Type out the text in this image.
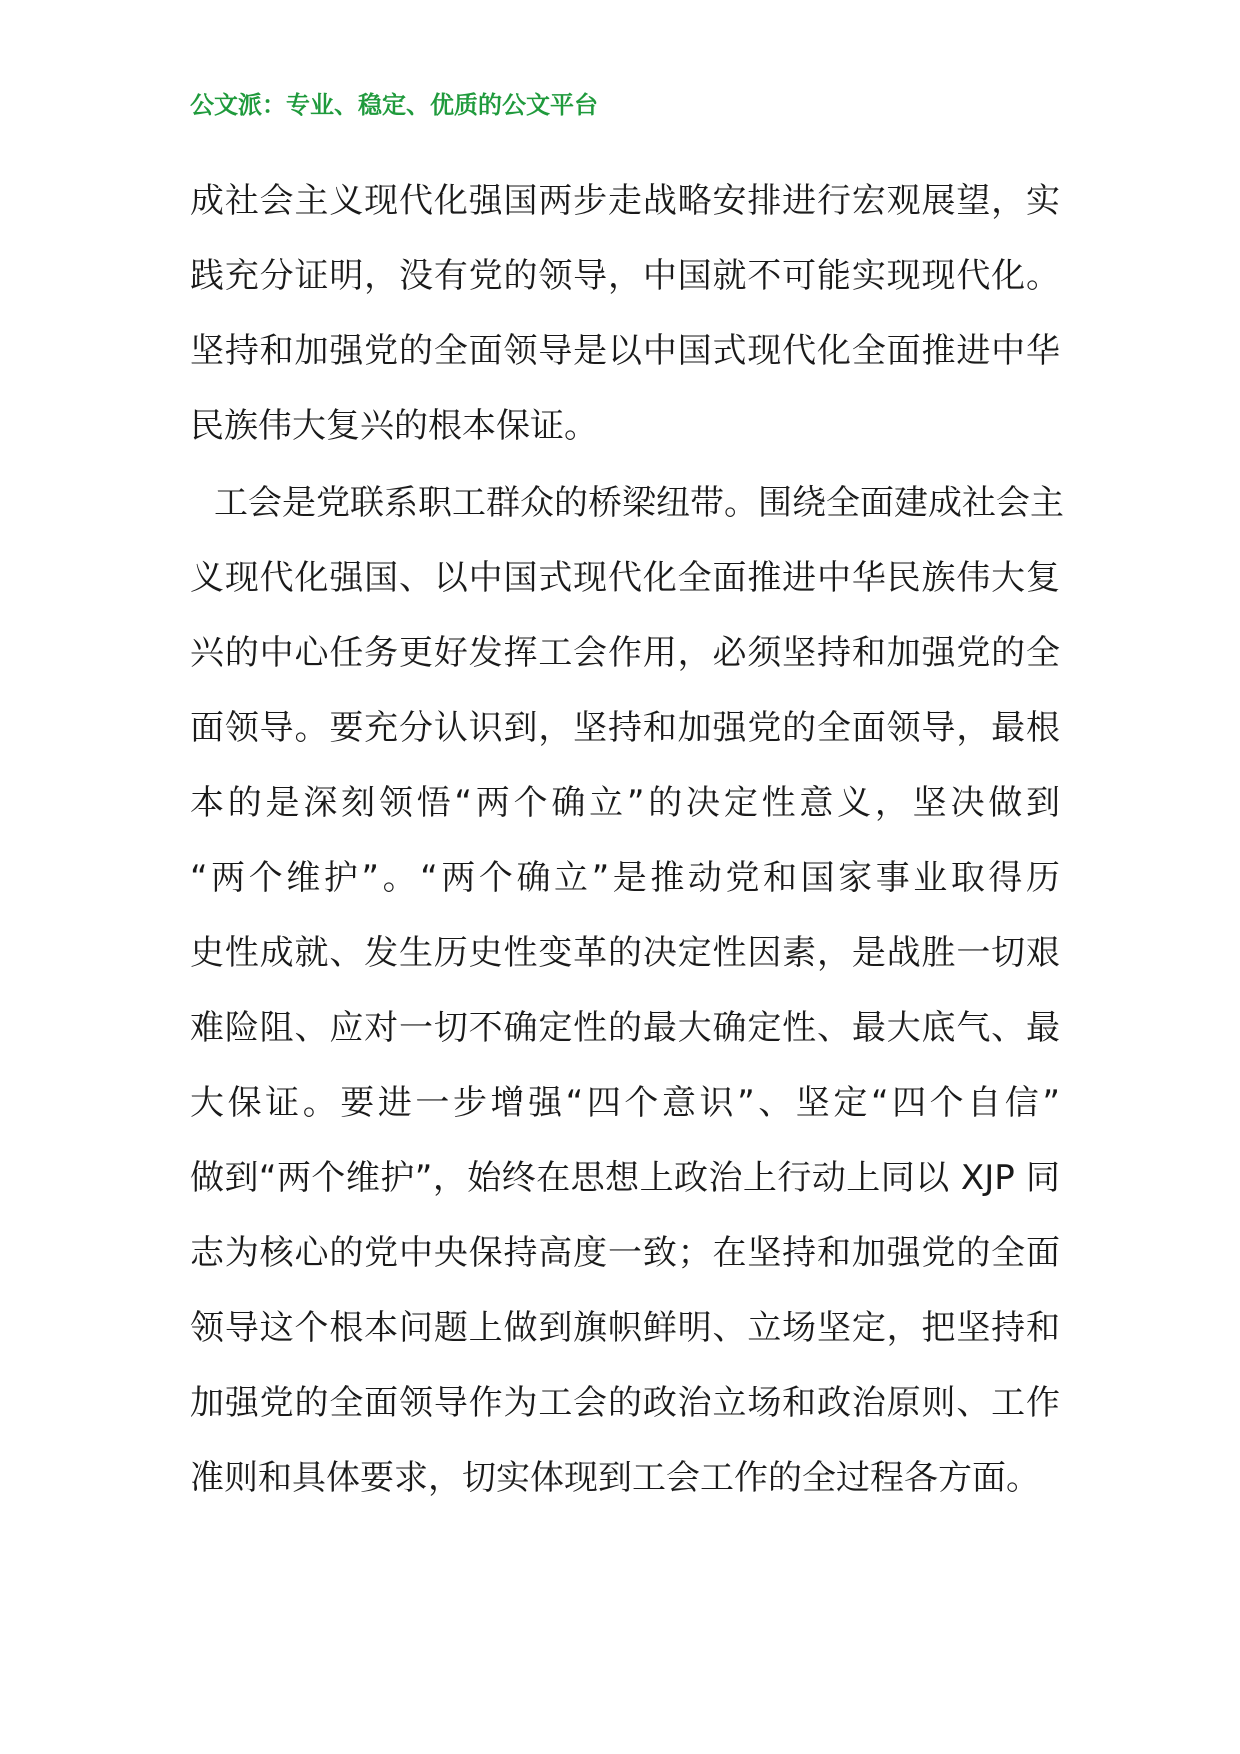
公文派：专业、稳定、优质的公文平台
成社会主义现代化强国两步走战略安排进行宏观展望，实
践充分证明，没有党的领导，中国就不可能实现现代化。
坚持和加强党的全面领导是以中国式现代化全面推进中华
民族伟大复兴的根本保证。
工会是党联系职工群众的桥梁纽带。围绕全面建成社会主
义现代化强国、以中国式现代化全面推进中华民族伟大复
兴的中心任务更好发挥工会作用，必须坚持和加强党的全
面领导。要充分认识到，坚持和加强党的全面领导，最根
本的是深刻领悟“两个确立”的决定性意义，坚决做到
“两个维护”。“两个确立”是推动党和国家事业取得历
史性成就、发生历史性变革的决定性因素，是战胜一切艰
难险阻、应对一切不确定性的最大确定性、最大底气、最
大保证。要进一步增强“四个意识”、坚定“四个自信”
做到“两个维护”，始终在思想上政治上行动上同以 XJP 同
志为核心的党中央保持高度一致；在坚持和加强党的全面
领导这个根本问题上做到旗帜鲜明、立场坚定，把坚持和
加强党的全面领导作为工会的政治立场和政治原则、工作
准则和具体要求，切实体现到工会工作的全过程各方面。
